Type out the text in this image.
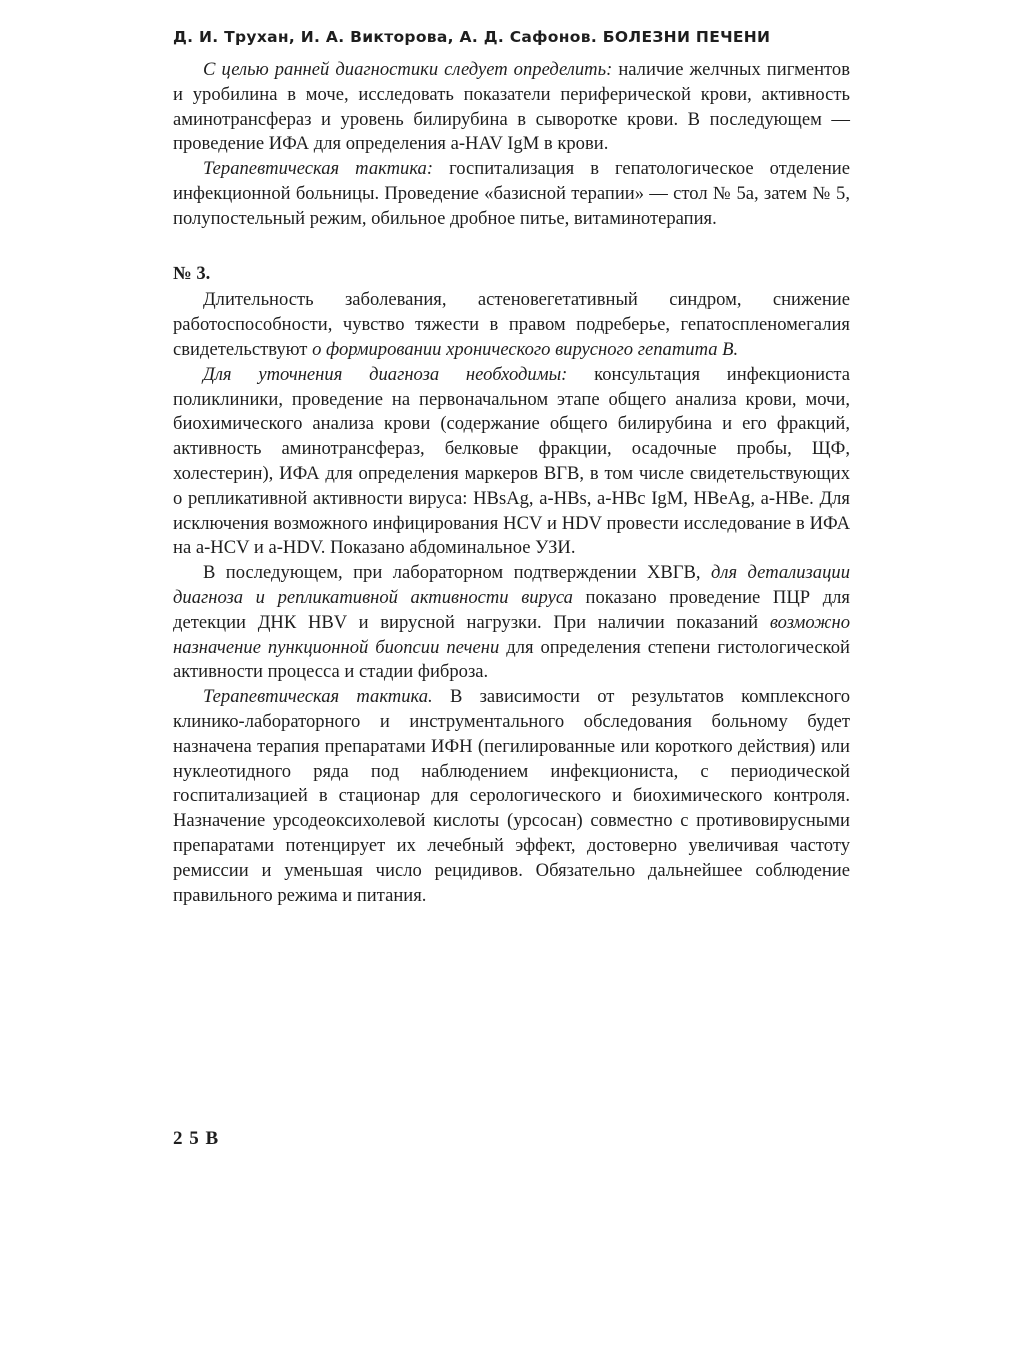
Д. И. Трухан, И. А. Викторова, А. Д. Сафонов. БОЛЕЗНИ ПЕЧЕНИ

С целью ранней диагностики следует определить: наличие желчных пигментов и уробилина в моче, исследовать показатели периферической крови, активность аминотрансфераз и уровень билирубина в сыворотке крови. В последующем — проведение ИФА для определения a-HAV IgM в крови.

Терапевтическая тактика: госпитализация в гепатологическое отделение инфекционной больницы. Проведение «базисной терапии» — стол № 5а, затем № 5, полупостельный режим, обильное дробное питье, витаминотерапия.

№ 3.

Длительность заболевания, астеновегетативный синдром, снижение работоспособности, чувство тяжести в правом подреберье, гепатоспленомегалия свидетельствуют о формировании хронического вирусного гепатита В.

Для уточнения диагноза необходимы: консультация инфекциониста поликлиники, проведение на первоначальном этапе общего анализа крови, мочи, биохимического анализа крови (содержание общего билирубина и его фракций, активность аминотрансфераз, белковые фракции, осадочные пробы, ЩФ, холестерин), ИФА для определения маркеров ВГВ, в том числе свидетельствующих о репликативной активности вируса: HBsAg, a-HBs, a-HBc IgM, HBeAg, a-HBe. Для исключения возможного инфицирования HCV и HDV провести исследование в ИФА на a-HCV и a-HDV. Показано абдоминальное УЗИ.

В последующем, при лабораторном подтверждении ХВГВ, для детализации диагноза и репликативной активности вируса показано проведение ПЦР для детекции ДНК HBV и вирусной нагрузки. При наличии показаний возможно назначение пункционной биопсии печени для определения степени гистологической активности процесса и стадии фиброза.

Терапевтическая тактика. В зависимости от результатов комплексного клинико-лабораторного и инструментального обследования больному будет назначена терапия препаратами ИФН (пегилированные или короткого действия) или нуклеотидного ряда под наблюдением инфекциониста, с периодической госпитализацией в стационар для серологического и биохимического контроля. Назначение урсодеоксихолевой кислоты (урсосан) совместно с противовирусными препаратами потенцирует их лечебный эффект, достоверно увеличивая частоту ремиссии и уменьшая число рецидивов. Обязательно дальнейшее соблюдение правильного режима и питания.

2 5 B
